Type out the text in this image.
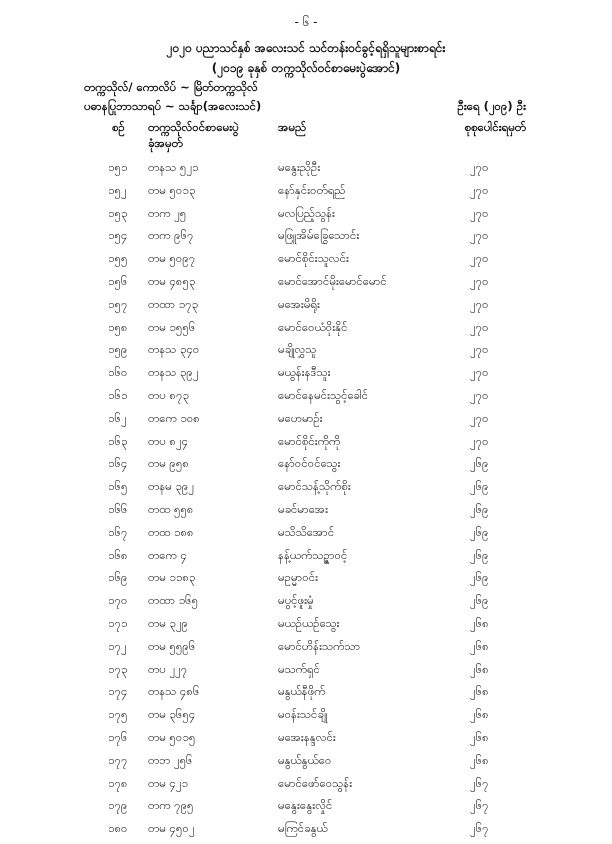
- ၆ -
၂၀၂၀ ပညာသင်နှစ် အလေးသင် သင်တန်းဝင်ခွင့်ရရှိသူများစာရင်း
(၂၀၁၉ ခုနှစ် တက္ကသိုလ်ဝင်စာမေးပွဲအောင်)
တက္ကသိုလ်/ ကောလိပ် ~ မြိတ်တက္ကသိုလ်
ပဓာနပြုဘာသာရပ် ~ သင်္ချာ(အလေးသင်)	ဦးရေ (၂၀၉) ဦး
စဉ် တက္ကသိုလ်ဝင်စာမေးပွဲ
ခုံအမှတ်
အမည်	စုစုပေါင်းရမှတ်
၁၅၁ တနသ ၅၂၁	မနွေးညိုဦး	၂၇၀
၁၅၂ တမ ၅၀၁၃	နော်နှင်းဝတ်ရည်	၂၇၀
၁၅၃ တက ၂၅	မလပြည့်သွန်း	၂၇၀
၁၅၄ တက ၉၆၇	မဖြူအိမ်ခြွေသောင်း	၂၇၀
၁၅၅ တမ ၅၀၉၇	မောင်စိုင်းသူလင်း	၂၇၀
၁၅၆ တမ ၄၈၅၃	မောင်အောင်မိုးမောင်မောင်	၂၇၀
၁၅၇ တထာ ၁၇၃	မအေးမိရိုး	၂၇၀
၁၅၈ တမ ၁၅၅၆	မောင်ဝေယံဝိုးနိုင်	၂၇၀
၁၅၉ တနသ ၃၄၀	မချိုလွှသူ	၂၇၀
၁၆၀ တနသ ၃၉၂	မယွန်းနဒီသူး	၂၇၀
၁၆၁ တပ ၈၇၃	မောင်နေမင်းသွင့်ခေါင်	၂၇၀
၁၆၂ တကေ ၁၀၈	မဟေမာဥ်း	၂၇၀
၁၆၃ တပ ၈၂၄	မောင်စိုင်းကိုကို	၂၇၀
၁၆၄ တမ ၉၅၈	နော်ဝင်ဝင်သွေး	၂၆၉
၁၆၅ တနမ ၃၉၂	မောင်သန့်သိုက်စိုး	၂၆၉
၁၆၆ တထ ၅၅၈	မခင်မာအေး	၂၆၉
၁၆၇ တထ ၁၈၈	မသိသိအောင်	၂၆၉
၁၆၈ တကေ ၄	နန့်ယက်သဉ္ဇာဝင့်	၂၆၉
၁၆၉ တမ ၁၁၈၃	မဥမ္မာဝင်း	၂၆၉
၁၇၀ တထာ ၁၆၅	မပွင့်ဖူးမှုံ	၂၆၉
၁၇၁ တမ ၃၂၉	မယဉ်ယဉ်သွေး	၂၆၈
၁၇၂ တမ ၅၅၉၆	မောင်ဟိန်းသက်သာ	၂၆၈
၁၇၃ တပ ၂၂၇	မသက်ရှင်	၂၆၈
၁၇၄ တနသ ၄၈၆	မနွယ်နီဖိုက်	၂၆၈
၁၇၅ တမ ၃၆၅၄	မဝန်းသင်ချို	၂၆၈
၁၇၆ တမ ၅၀၁၅	မအေးနန္ဒလင်း	၂၆၈
၁၇၇ တဘ ၂၅၆	မနွယ်နွယ်ဝေ	၂၆၈
၁၇၈ တမ ၄၂၁	မောင်ဖော်ဝေသွန်း	၂၆၇
၁၇၉ တက ၇၉၅	မနွေးနွေးလှိုင်	၂၆၇
၁၈၀ တမ ၄၅၀၂	မကြင်ခနွယ်	၂၆၇
